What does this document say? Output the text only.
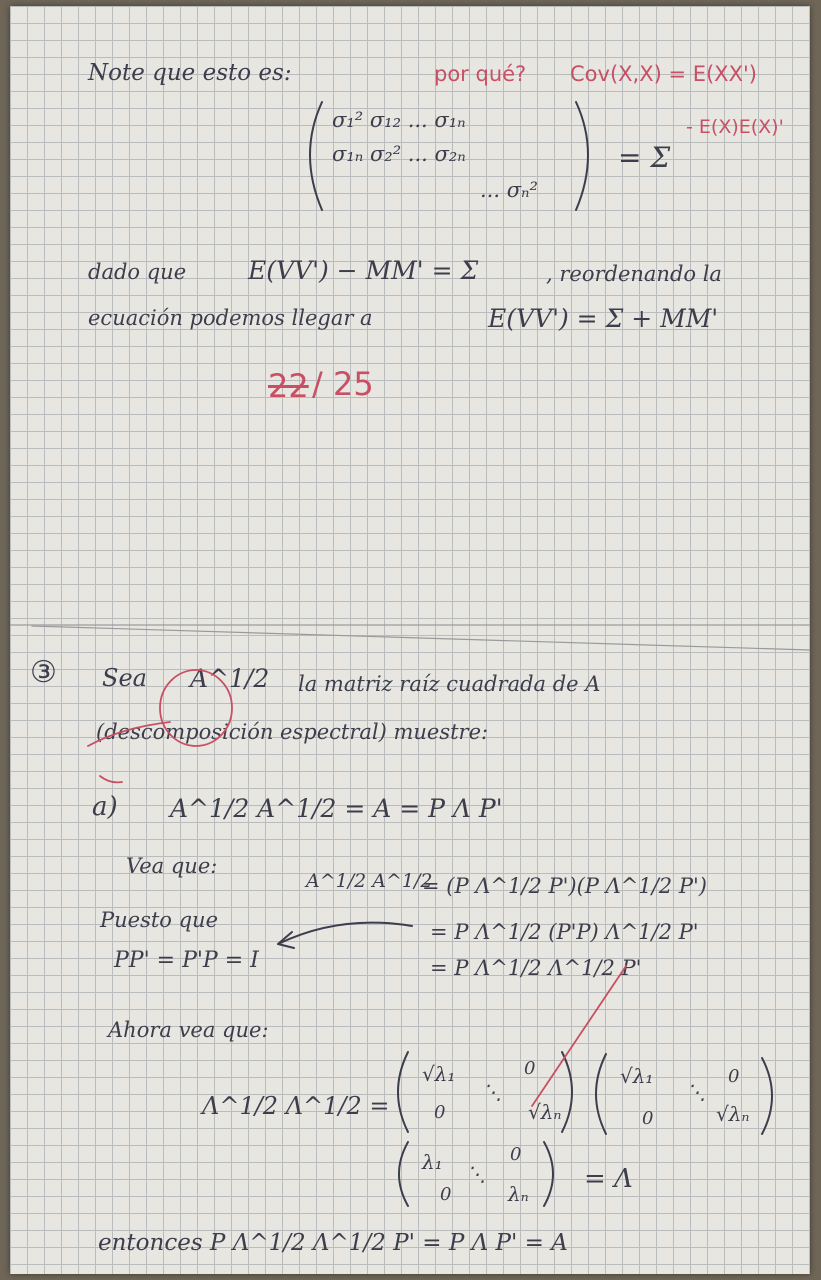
Note que esto es:	por qué? Cov(X,X) = E(XX')
- E(X)E(X)'
σ₁² σ₁₂ ... σ₁ₙ
σ₁ₙ σ₂² ... σ₂ₙ
... σₙ²
= Σ
dado que E(VV') − MM' = Σ	, reordenando la
ecuación podemos llegar a	E(VV') = Σ + MM'
22 / 25
③ Sea A^1/2 la matriz raíz cuadrada de A
(descomposición espectral) muestre:
a) A^1/2 A^1/2 = A = P Λ P'
Vea que:
A^1/2 A^1/2
= (P Λ^1/2 P')(P Λ^1/2 P')
= P Λ^1/2 (P'P) Λ^1/2 P'
= P Λ^1/2 Λ^1/2 P'
Puesto que
PP' = P'P = I
Ahora vea que:
Λ^1/2 Λ^1/2 =
√λ₁	0
⋱
0	√λₙ
√λ₁	0
⋱
0	√λₙ
λ₁	0
⋱
0	λₙ = Λ
entonces P Λ^1/2 Λ^1/2 P' = P Λ P' = A
